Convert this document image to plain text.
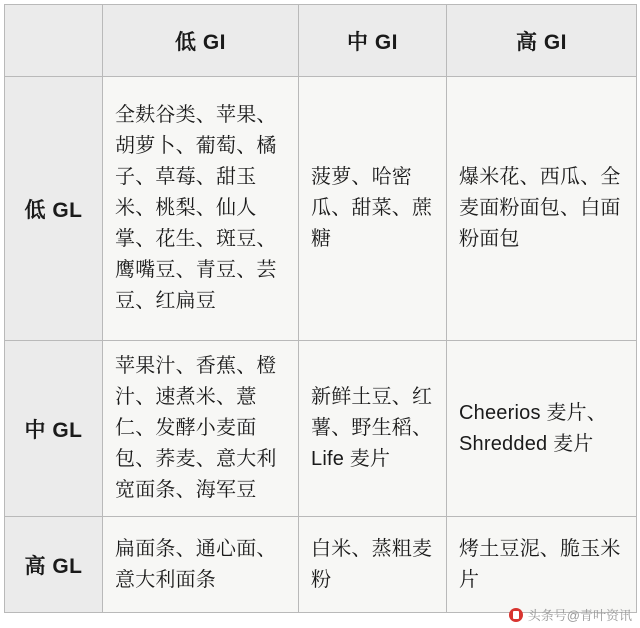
	低 GI	中 GI	高 GI
低 GL	全麸谷类、苹果、胡萝卜、葡萄、橘子、草莓、甜玉米、桃梨、仙人掌、花生、斑豆、鹰嘴豆、青豆、芸豆、红扁豆	菠萝、哈密瓜、甜菜、蔗糖	爆米花、西瓜、全麦面粉面包、白面粉面包
中 GL	苹果汁、香蕉、橙汁、速煮米、薏仁、发酵小麦面包、荞麦、意大利宽面条、海军豆	新鲜土豆、红薯、野生稻、Life 麦片	Cheerios 麦片、Shredded 麦片
高 GL	扁面条、通心面、意大利面条	白米、蒸粗麦粉	烤土豆泥、脆玉米片
头条号@青叶资讯
